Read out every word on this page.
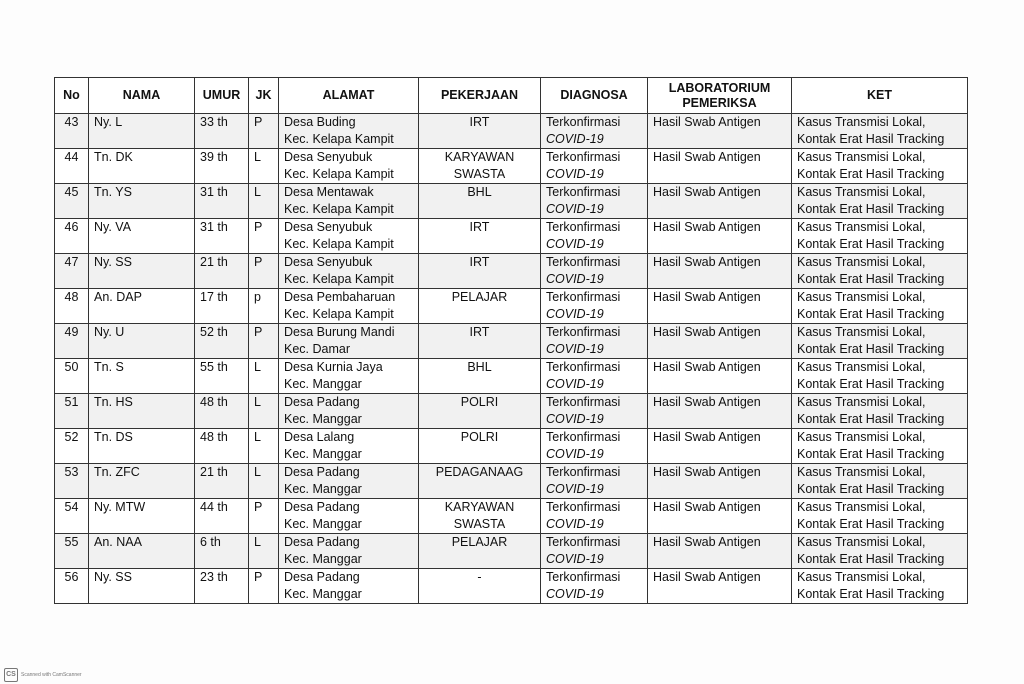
No	NAMA	UMUR	JK	ALAMAT	PEKERJAAN	DIAGNOSA	LABORATORIUM PEMERIKSA	KET

43	Ny. L	33 th	P	Desa Buding
Kec. Kelapa Kampit	IRT	Terkonfirmasi
COVID-19	Hasil Swab Antigen	Kasus Transmisi Lokal,
Kontak Erat Hasil Tracking

44	Tn. DK	39 th	L	Desa Senyubuk
Kec. Kelapa Kampit	KARYAWAN
SWASTA	Terkonfirmasi
COVID-19	Hasil Swab Antigen	Kasus Transmisi Lokal,
Kontak Erat Hasil Tracking

45	Tn. YS	31 th	L	Desa Mentawak
Kec. Kelapa Kampit	BHL	Terkonfirmasi
COVID-19	Hasil Swab Antigen	Kasus Transmisi Lokal,
Kontak Erat Hasil Tracking

46	Ny. VA	31 th	P	Desa Senyubuk
Kec. Kelapa Kampit	IRT	Terkonfirmasi
COVID-19	Hasil Swab Antigen	Kasus Transmisi Lokal,
Kontak Erat Hasil Tracking

47	Ny. SS	21 th	P	Desa Senyubuk
Kec. Kelapa Kampit	IRT	Terkonfirmasi
COVID-19	Hasil Swab Antigen	Kasus Transmisi Lokal,
Kontak Erat Hasil Tracking

48	An. DAP	17 th	p	Desa Pembaharuan
Kec. Kelapa Kampit	PELAJAR	Terkonfirmasi
COVID-19	Hasil Swab Antigen	Kasus Transmisi Lokal,
Kontak Erat Hasil Tracking

49	Ny. U	52 th	P	Desa Burung Mandi
Kec. Damar	IRT	Terkonfirmasi
COVID-19	Hasil Swab Antigen	Kasus Transmisi Lokal,
Kontak Erat Hasil Tracking

50	Tn. S	55 th	L	Desa Kurnia Jaya
Kec. Manggar	BHL	Terkonfirmasi
COVID-19	Hasil Swab Antigen	Kasus Transmisi Lokal,
Kontak Erat Hasil Tracking

51	Tn. HS	48 th	L	Desa Padang
Kec. Manggar	POLRI	Terkonfirmasi
COVID-19	Hasil Swab Antigen	Kasus Transmisi Lokal,
Kontak Erat Hasil Tracking

52	Tn. DS	48 th	L	Desa Lalang
Kec. Manggar	POLRI	Terkonfirmasi
COVID-19	Hasil Swab Antigen	Kasus Transmisi Lokal,
Kontak Erat Hasil Tracking

53	Tn. ZFC	21 th	L	Desa Padang
Kec. Manggar	PEDAGANAAG	Terkonfirmasi
COVID-19	Hasil Swab Antigen	Kasus Transmisi Lokal,
Kontak Erat Hasil Tracking

54	Ny. MTW	44 th	P	Desa Padang
Kec. Manggar	KARYAWAN
SWASTA	Terkonfirmasi
COVID-19	Hasil Swab Antigen	Kasus Transmisi Lokal,
Kontak Erat Hasil Tracking

55	An. NAA	6 th	L	Desa Padang
Kec. Manggar	PELAJAR	Terkonfirmasi
COVID-19	Hasil Swab Antigen	Kasus Transmisi Lokal,
Kontak Erat Hasil Tracking

56	Ny. SS	23 th	P	Desa Padang
Kec. Manggar	-	Terkonfirmasi
COVID-19	Hasil Swab Antigen	Kasus Transmisi Lokal,
Kontak Erat Hasil Tracking
CS	Scanned with CamScanner
